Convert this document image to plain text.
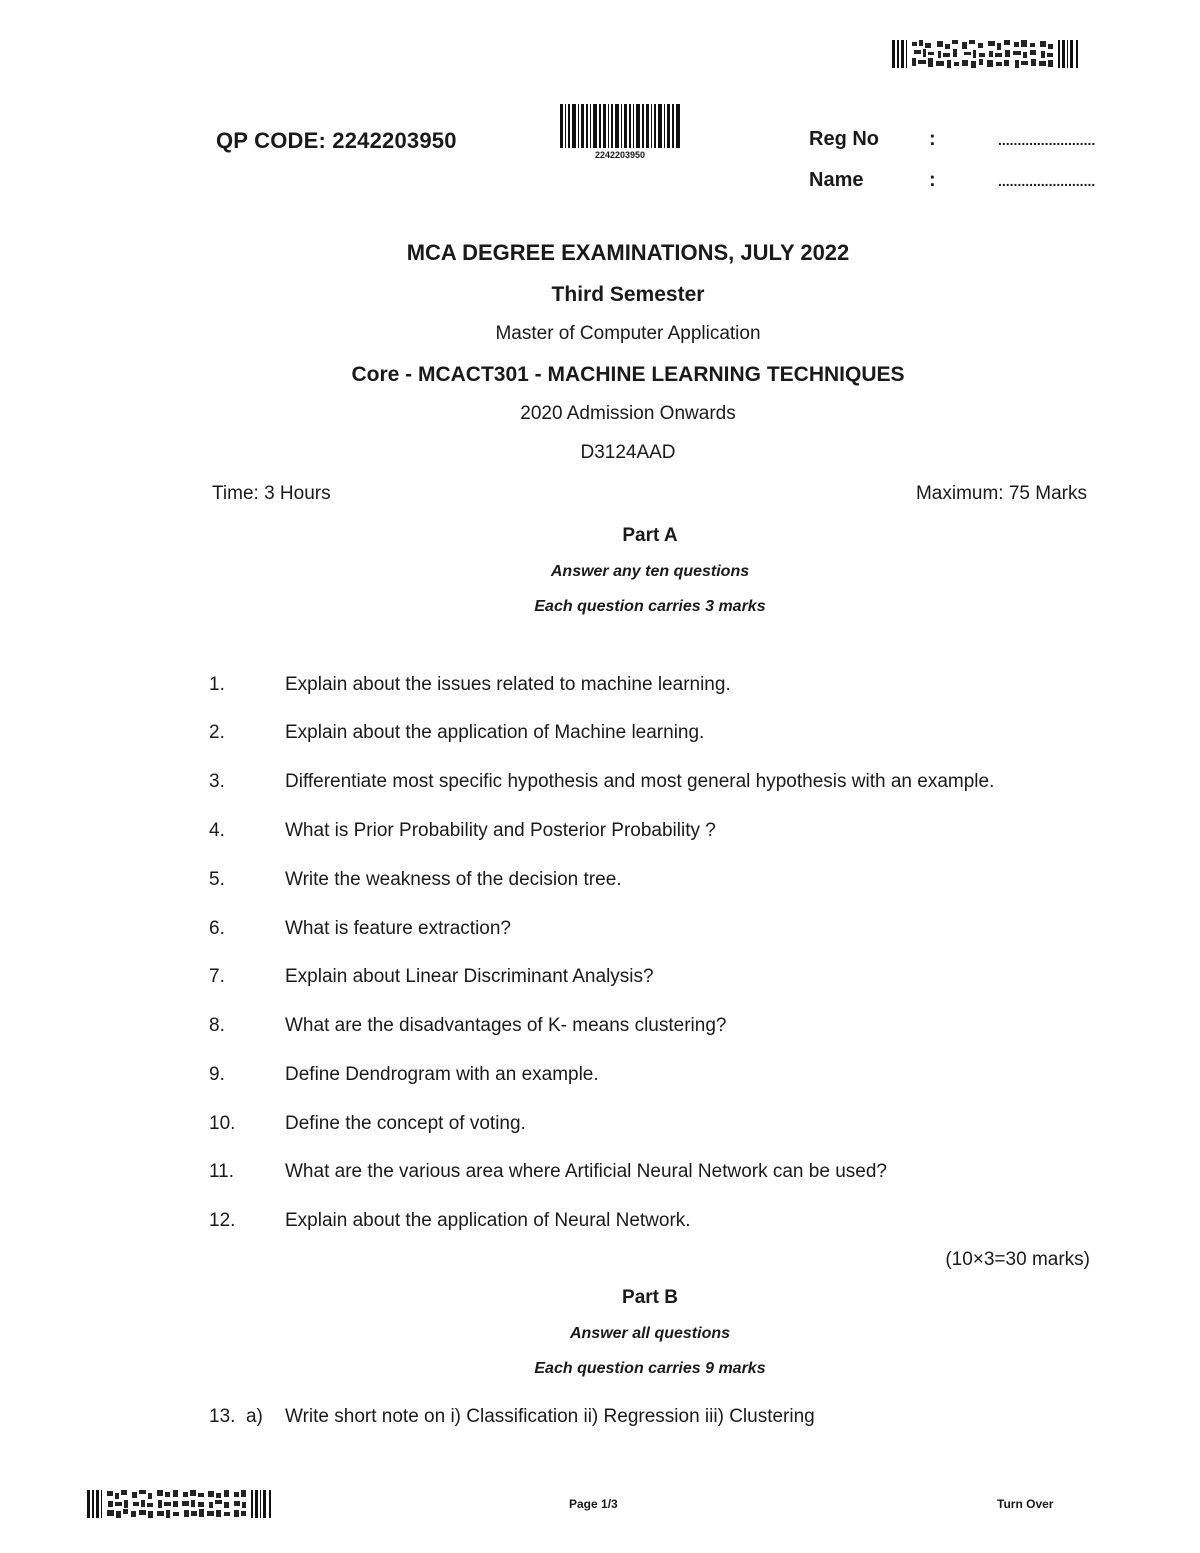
QP CODE: 2242203950
2242203950
Reg No	:	.........................
Name	:	.........................
MCA DEGREE EXAMINATIONS, JULY 2022
Third Semester
Master of Computer Application
Core - MCACT301 - MACHINE LEARNING TECHNIQUES
2020 Admission Onwards
D3124AAD
Time: 3 Hours	Maximum: 75 Marks
Part A
Answer any ten questions
Each question carries 3 marks
1.	Explain about the issues related to machine learning.
2.	Explain about the application of Machine learning.
3.	Differentiate most specific hypothesis and most general hypothesis with an example.
4.	What is Prior Probability and Posterior Probability ?
5.	Write the weakness of the decision tree.
6.	What is feature extraction?
7.	Explain about Linear Discriminant Analysis?
8.	What are the disadvantages of K- means clustering?
9.	Define Dendrogram with an example.
10.	Define the concept of voting.
11.	What are the various area where Artificial Neural Network can be used?
12.	Explain about the application of Neural Network.
(10×3=30 marks)
Part B
Answer all questions
Each question carries 9 marks
13.  a) Write short note on i) Classification ii) Regression iii) Clustering
Page 1/3	Turn Over
